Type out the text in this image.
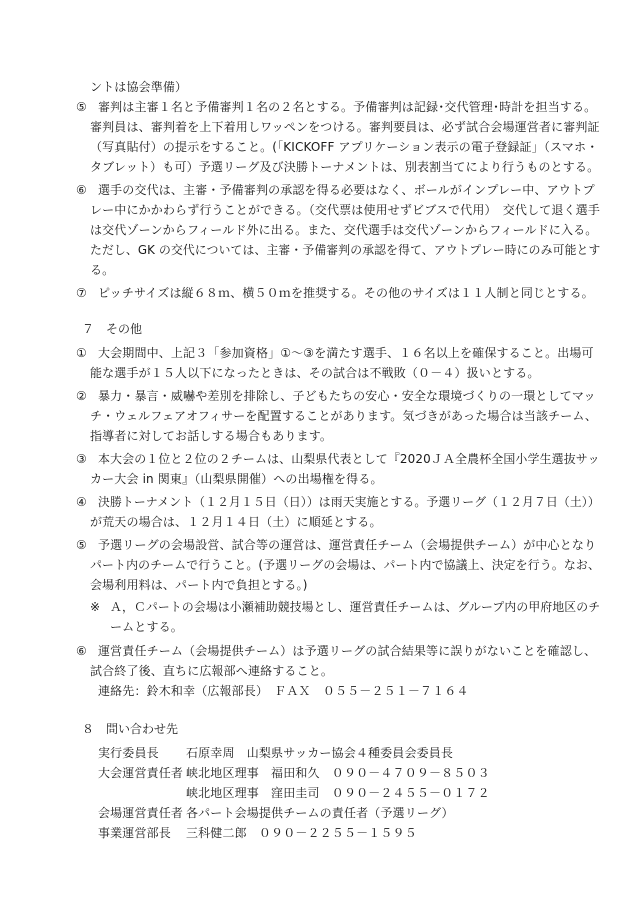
ントは協会準備）
⑤ 審判は主審１名と予備審判１名の２名とする。予備審判は記録･交代管理･時計を担当する。
審判員は、審判着を上下着用しワッペンをつける。審判要員は、必ず試合会場運営者に審判証
（写真貼付）の提示をすること。(「KICKOFF アプリケーション表示の電子登録証」（スマホ・
タブレット）も可）予選リーグ及び決勝トーナメントは、別表割当てにより行うものとする。
⑥ 選手の交代は、主審・予備審判の承認を得る必要はなく、ボールがインプレー中、アウトプ
レー中にかかわらず行うことができる。（交代票は使用せずビブスで代用）　交代して退く選手
は交代ゾーンからフィールド外に出る。また、交代選手は交代ゾーンからフィールドに入る。
ただし、GK の交代については、主審・予備審判の承認を得て、アウトプレー時にのみ可能とす
る。
⑦ ピッチサイズは縦６８ｍ、横５０ｍを推奨する。その他のサイズは１１人制と同じとする。
７　その他
① 大会期間中、上記３「参加資格」①～③を満たす選手、１６名以上を確保すること。出場可
能な選手が１５人以下になったときは、その試合は不戦敗（０－４）扱いとする。
② 暴力・暴言・威嚇や差別を排除し、子どもたちの安心・安全な環境づくりの一環としてマッ
チ・ウェルフェアオフィサーを配置することがあります。気づきがあった場合は当該チーム、
指導者に対してお話しする場合もあります。
③ 本大会の１位と２位の２チームは、山梨県代表として『2020ＪＡ全農杯全国小学生選抜サッ
カー大会 in 関東』（山梨県開催）への出場権を得る。
④ 決勝トーナメント（１２月１５日（日））は雨天実施とする。予選リーグ（１２月７日（土））
が荒天の場合は、１２月１４日（土）に順延とする。
⑤ 予選リーグの会場設営、試合等の運営は、運営責任チーム（会場提供チーム）が中心となり
パート内のチームで行うこと。(予選リーグの会場は、パート内で協議上、決定を行う。なお、
会場利用料は、パート内で負担とする。)
※ Ａ，Ｃパートの会場は小瀬補助競技場とし、運営責任チームは、グループ内の甲府地区のチ
ームとする。
⑥ 運営責任チーム（会場提供チーム）は予選リーグの試合結果等に誤りがないことを確認し、
試合終了後、直ちに広報部へ連絡すること。
連絡先：鈴木和幸（広報部長）　ＦＡＸ　０５５－２５１－７１６４
８　問い合わせ先
実行委員長 石原幸周　山梨県サッカー協会４種委員会委員長
大会運営責任者 峡北地区理事　福田和久　０９０－４７０９－８５０３
峡北地区理事　窪田圭司　０９０－２４５５－０１７２
会場運営責任者 各パート会場提供チームの責任者（予選リーグ）
事業運営部長 三科健二郎　０９０－２２５５－１５９５
